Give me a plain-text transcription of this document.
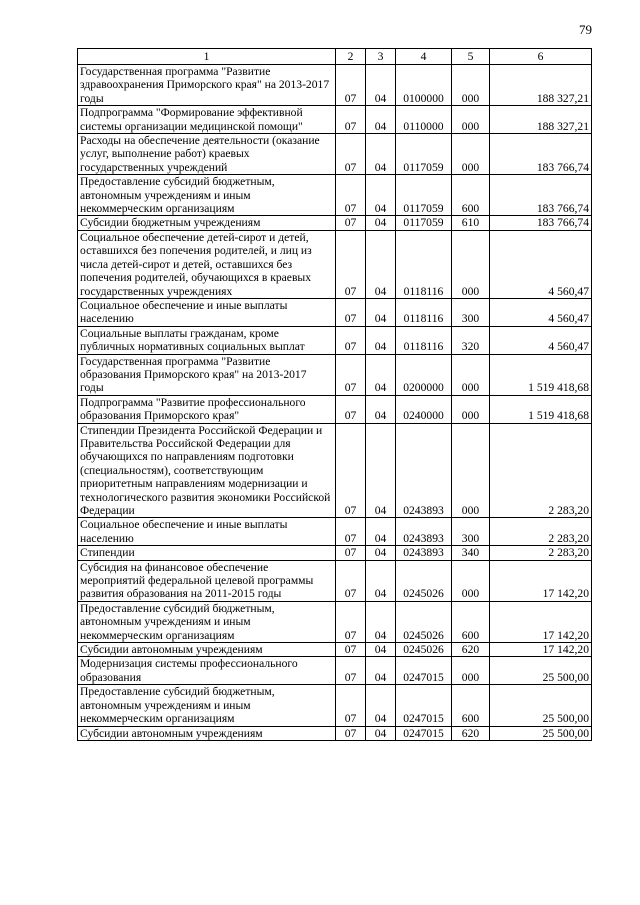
79
1	2	3	4	5	6
Государственная программа "Развитие здравоохранения Приморского края" на 2013-2017 годы	07	04	0100000	000	188 327,21
Подпрограмма "Формирование эффективной системы организации медицинской помощи"	07	04	0110000	000	188 327,21
Расходы на обеспечение деятельности (оказание услуг, выполнение работ) краевых государственных учреждений	07	04	0117059	000	183 766,74
Предоставление субсидий бюджетным, автономным учреждениям и иным некоммерческим организациям	07	04	0117059	600	183 766,74
Субсидии бюджетным учреждениям	07	04	0117059	610	183 766,74
Социальное обеспечение детей-сирот и детей, оставшихся без попечения родителей, и лиц из числа детей-сирот и детей, оставшихся без попечения родителей, обучающихся в краевых государственных учреждениях	07	04	0118116	000	4 560,47
Социальное обеспечение и иные выплаты населению	07	04	0118116	300	4 560,47
Социальные выплаты гражданам, кроме публичных нормативных социальных выплат	07	04	0118116	320	4 560,47
Государственная программа "Развитие образования Приморского края" на 2013-2017 годы	07	04	0200000	000	1 519 418,68
Подпрограмма "Развитие профессионального образования Приморского края"	07	04	0240000	000	1 519 418,68
Стипендии Президента Российской Федерации и Правительства Российской Федерации для обучающихся по направлениям подготовки (специальностям), соответствующим приоритетным направлениям модернизации и технологического развития экономики Российской Федерации	07	04	0243893	000	2 283,20
Социальное обеспечение и иные выплаты населению	07	04	0243893	300	2 283,20
Стипендии	07	04	0243893	340	2 283,20
Субсидия на финансовое обеспечение мероприятий федеральной целевой программы развития образования на 2011-2015 годы	07	04	0245026	000	17 142,20
Предоставление субсидий бюджетным, автономным учреждениям и иным некоммерческим организациям	07	04	0245026	600	17 142,20
Субсидии автономным учреждениям	07	04	0245026	620	17 142,20
Модернизация системы профессионального образования	07	04	0247015	000	25 500,00
Предоставление субсидий бюджетным, автономным учреждениям и иным некоммерческим организациям	07	04	0247015	600	25 500,00
Субсидии автономным учреждениям	07	04	0247015	620	25 500,00
